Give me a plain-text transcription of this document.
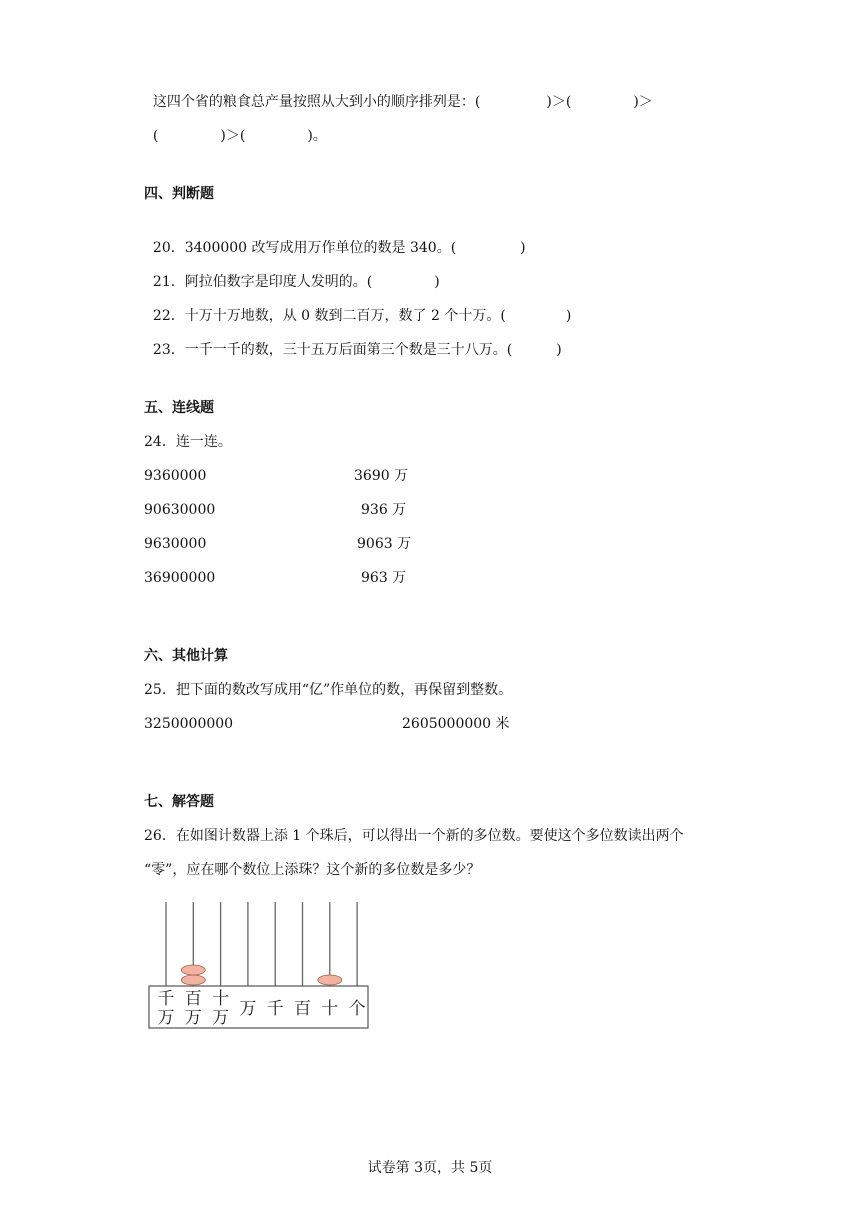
这四个省的粮食总产量按照从大到小的顺序排列是：(	)＞(	)＞

(	)＞(	)。

四、判断题

20．3400000 改写成用万作单位的数是 340。(	)

21．阿拉伯数字是印度人发明的。(	)

22．十万十万地数，从 0 数到二百万，数了 2 个十万。(	)

23．一千一千的数，三十五万后面第三个数是三十八万。(	)

五、连线题
24．连一连。
9360000	3690 万
90630000	936 万
9630000	9063 万
36900000	963 万
六、其他计算
25．把下面的数改写成用“亿”作单位的数，再保留到整数。
3250000000	2605000000 米
七、解答题
26．在如图计数器上添 1 个珠后，可以得出一个新的多位数。要使这个多位数读出两个
“零”，应在哪个数位上添珠？这个新的多位数是多少？
千
万
百
万
十
万 万 千 百 十 个
试卷第 3页，共 5页
